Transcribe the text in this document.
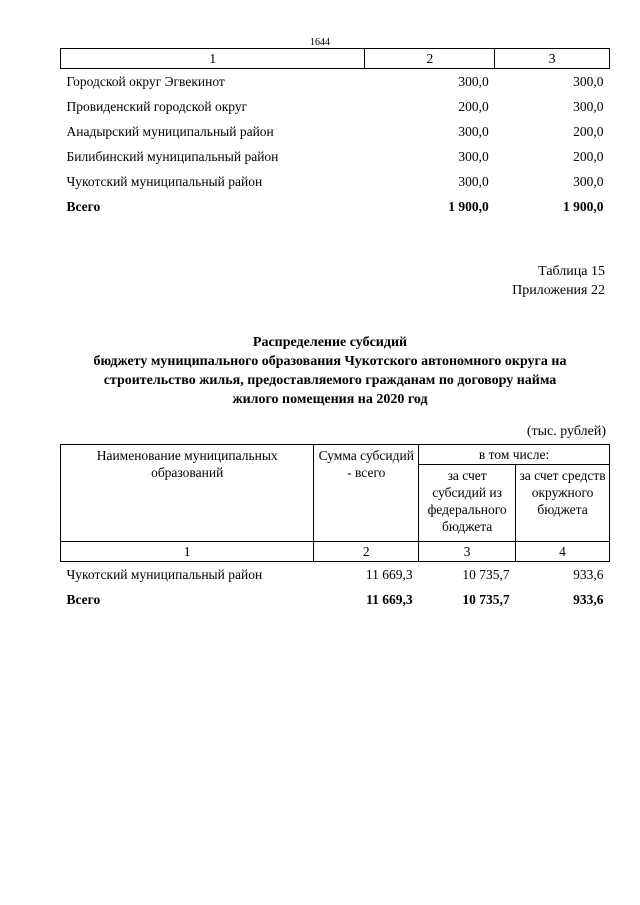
1644
1	2	3
Городской округ Эгвекинот	300,0	300,0
Провиденский городской округ	200,0	300,0
Анадырский муниципальный район	300,0	200,0
Билибинский муниципальный район	300,0	200,0
Чукотский муниципальный район	300,0	300,0
Всего	1 900,0	1 900,0
Таблица 15
Приложения 22
Распределение субсидий
бюджету муниципального образования Чукотского автономного округа на
строительство жилья, предоставляемого гражданам по договору найма
жилого помещения на 2020 год
(тыс. рублей)
Наименование муниципальных образований	Сумма субсидий - всего	в том числе:	
		за счет субсидий из федерального бюджета	за счет средств окружного бюджета
1	2	3	4
Чукотский муниципальный район	11 669,3	10 735,7	933,6
Всего	11 669,3	10 735,7	933,6
